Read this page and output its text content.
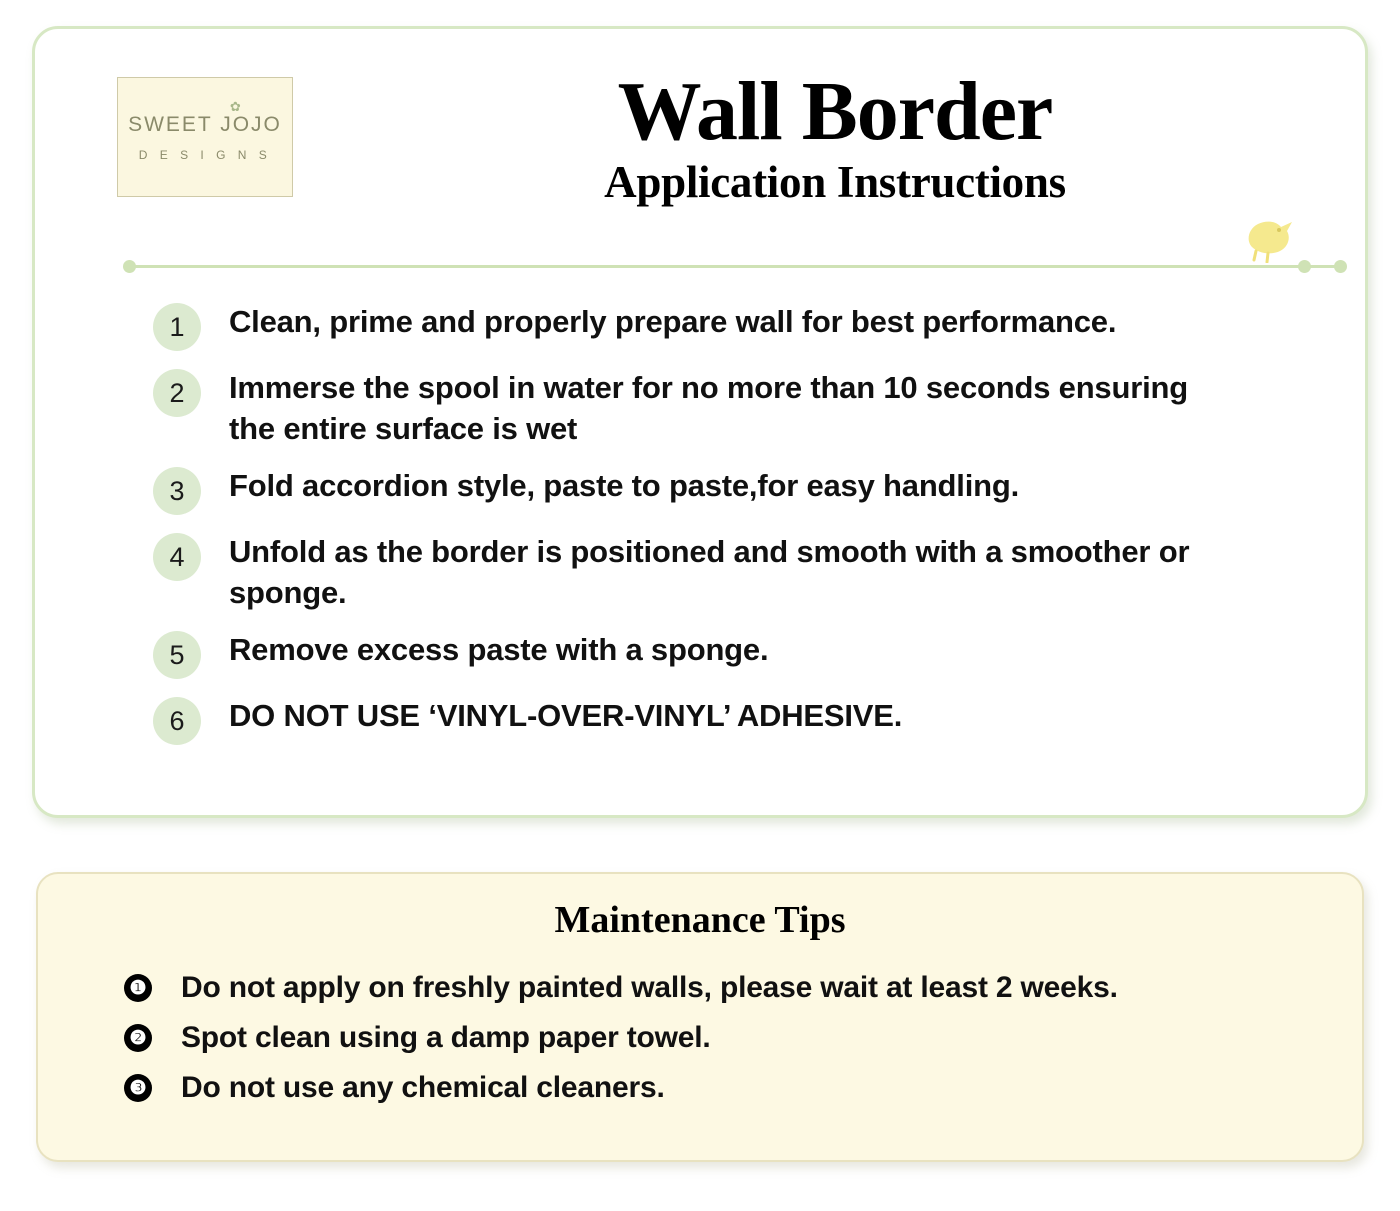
✿
SWEET JOJO
D E S I G N S	Wall Border
Application Instructions
1	Clean, prime and properly prepare wall for best performance.
2	Immerse the spool in water for no more than 10 seconds ensuring the entire surface is wet
3	Fold accordion style, paste to paste,for easy handling.
4	Unfold as the border is positioned and smooth with a smoother or sponge.
5	Remove excess paste with a sponge.
6	DO NOT USE ‘VINYL-OVER-VINYL’ ADHESIVE.
Maintenance Tips
❶ Do not apply on freshly painted walls, please wait at least 2 weeks.
❷ Spot clean using a damp paper towel.
❸ Do not use any chemical cleaners.
